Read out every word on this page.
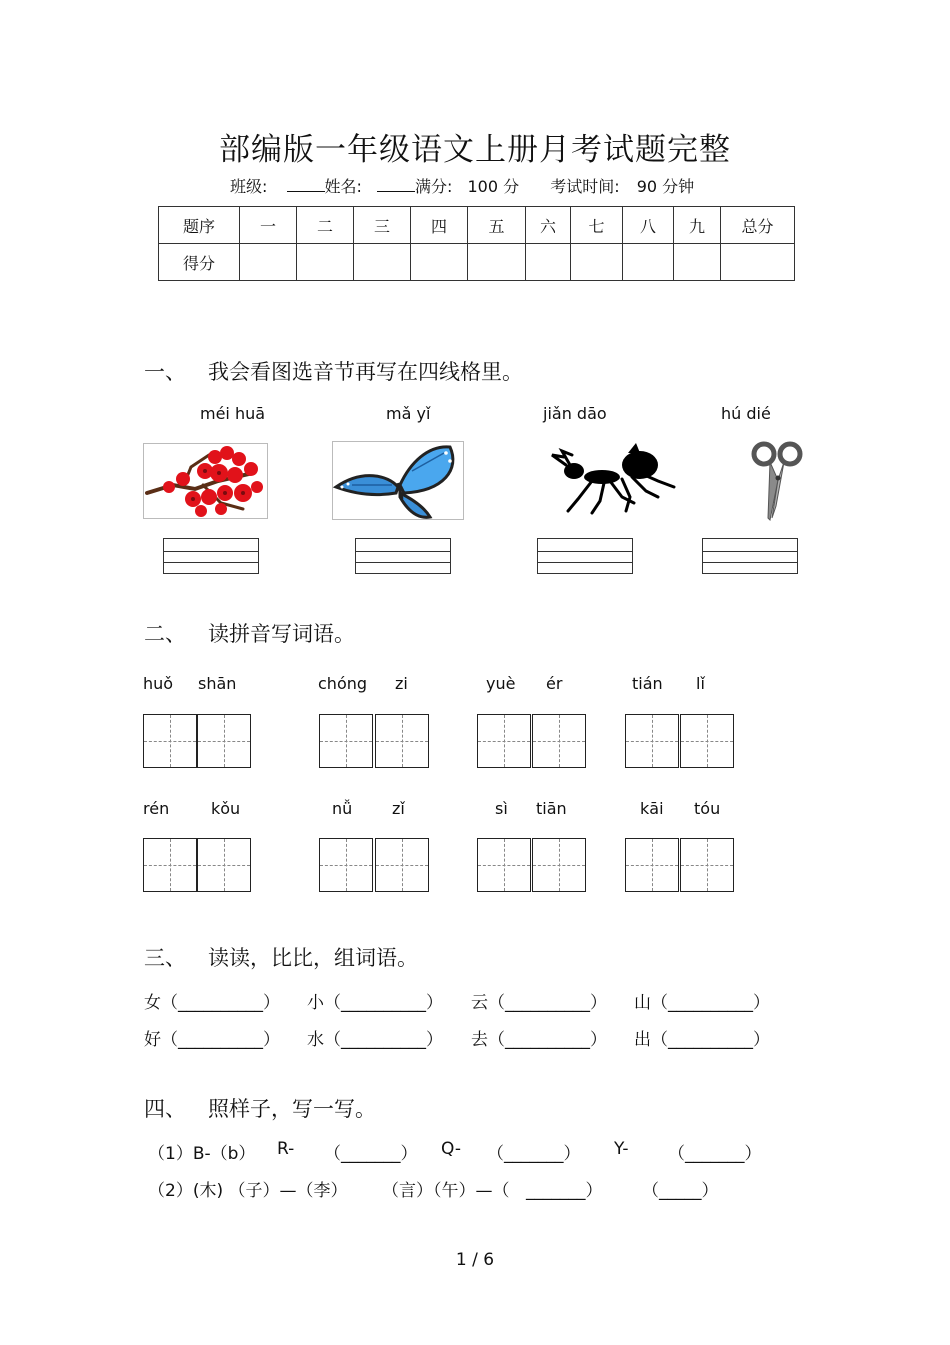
部编版一年级语文上册月考试题完整
班级:	姓名:	满分: 100 分 考试时间: 90 分钟
题序	一	二	三	四	五	六	七	八	九	总分
得分										
一、 我会看图选音节再写在四线格里。
méi huā	mǎ yǐ	jiǎn dāo	hú dié
二、 读拼音写词语。
huǒ shān	chóng zi	yuè ér	tián lǐ
rén	kǒu	nǚ zǐ	sì tiān	kāi tóu
三、 读读，比比，组词语。
女（__________） 小（__________） 云（__________） 山（__________）
好（__________） 水（__________） 去（__________） 出（__________）
四、 照样子，写一写。
（1）B-（b） R- （_______） Q- （_______） Y- （_______）
（2）(木) （子）—（李） （言）（午）—（ _______） （_____）
1 / 6
